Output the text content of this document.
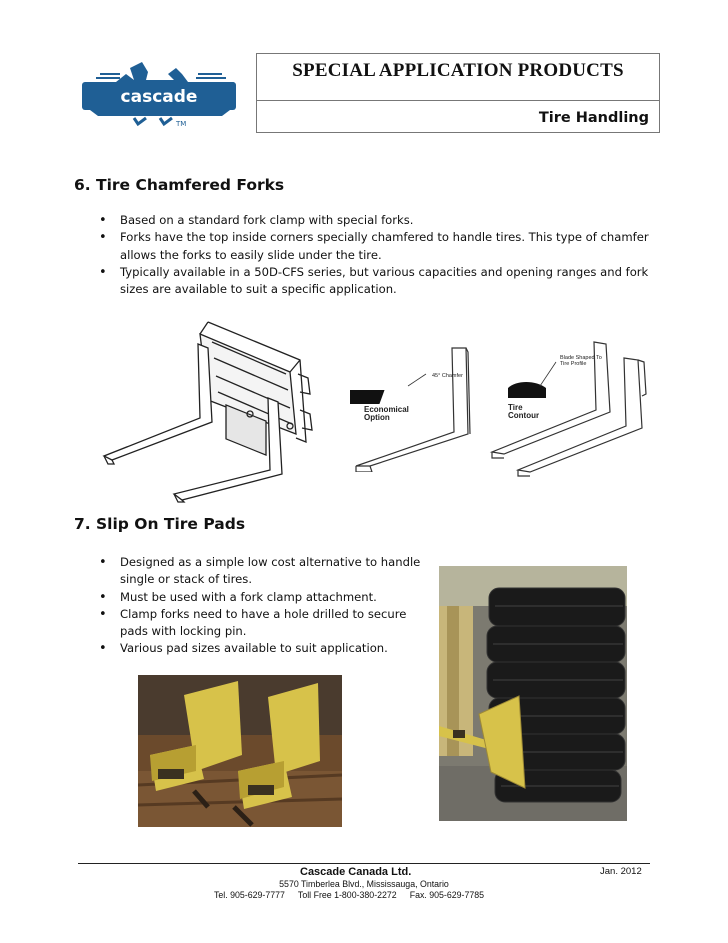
cascade
TM
SPECIAL APPLICATION PRODUCTS
Tire Handling
6. Tire Chamfered Forks
• Based on a standard fork clamp with special forks.
• Forks have the top inside corners specially chamfered to handle tires. This type of chamfer allows the forks to easily slide under the tire.
• Typically available in a 50D-CFS series, but various capacities and opening ranges and fork sizes are available to suit a specific application.
45° Chamfer
Economical Option
Blade Shaped To Tire Profile
Tire Contour
7. Slip On Tire Pads
• Designed as a simple low cost alternative to handle single or stack of tires.
• Must be used with a fork clamp attachment.
• Clamp forks need to have a hole drilled to secure pads with locking pin.
• Various pad sizes available to suit application.
Cascade Canada Ltd.	Jan. 2012
5570 Timberlea Blvd., Mississauga, Ontario
Tel. 905-629-7777 Toll Free 1-800-380-2272 Fax. 905-629-7785
